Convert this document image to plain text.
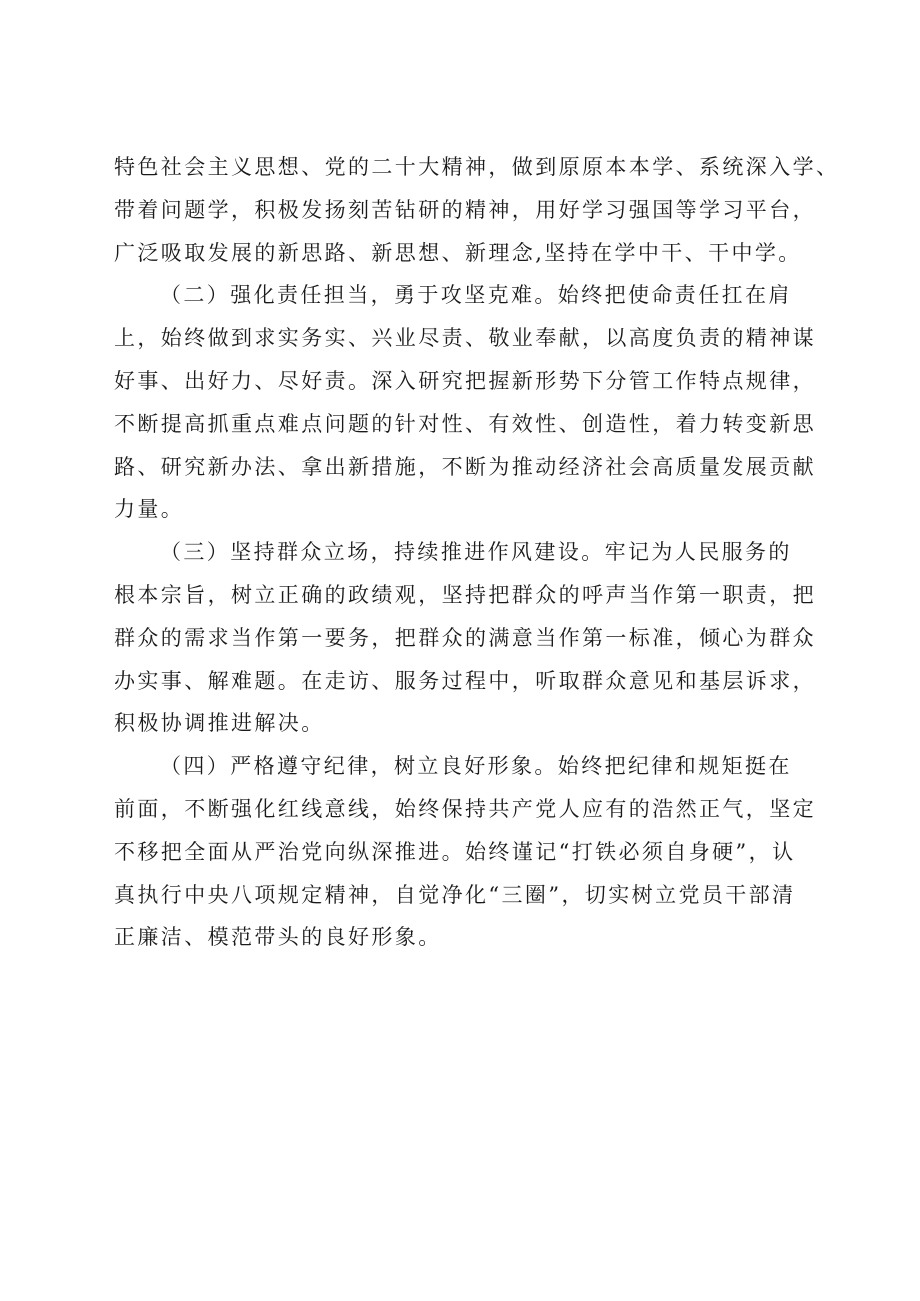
特色社会主义思想、党的二十大精神，做到原原本本学、系统深入学、
带着问题学，积极发扬刻苦钻研的精神，用好学习强国等学习平台，
广泛吸取发展的新思路、新思想、新理念,坚持在学中干、干中学。
（二）强化责任担当，勇于攻坚克难。始终把使命责任扛在肩
上，始终做到求实务实、兴业尽责、敬业奉献，以高度负责的精神谋
好事、出好力、尽好责。深入研究把握新形势下分管工作特点规律，
不断提高抓重点难点问题的针对性、有效性、创造性，着力转变新思
路、研究新办法、拿出新措施，不断为推动经济社会高质量发展贡献
力量。
（三）坚持群众立场，持续推进作风建设。牢记为人民服务的
根本宗旨，树立正确的政绩观，坚持把群众的呼声当作第一职责，把
群众的需求当作第一要务，把群众的满意当作第一标准，倾心为群众
办实事、解难题。在走访、服务过程中，听取群众意见和基层诉求，
积极协调推进解决。
（四）严格遵守纪律，树立良好形象。始终把纪律和规矩挺在
前面，不断强化红线意线，始终保持共产党人应有的浩然正气，坚定
不移把全面从严治党向纵深推进。始终谨记“打铁必须自身硬”，认
真执行中央八项规定精神，自觉净化“三圈”，切实树立党员干部清
正廉洁、模范带头的良好形象。
